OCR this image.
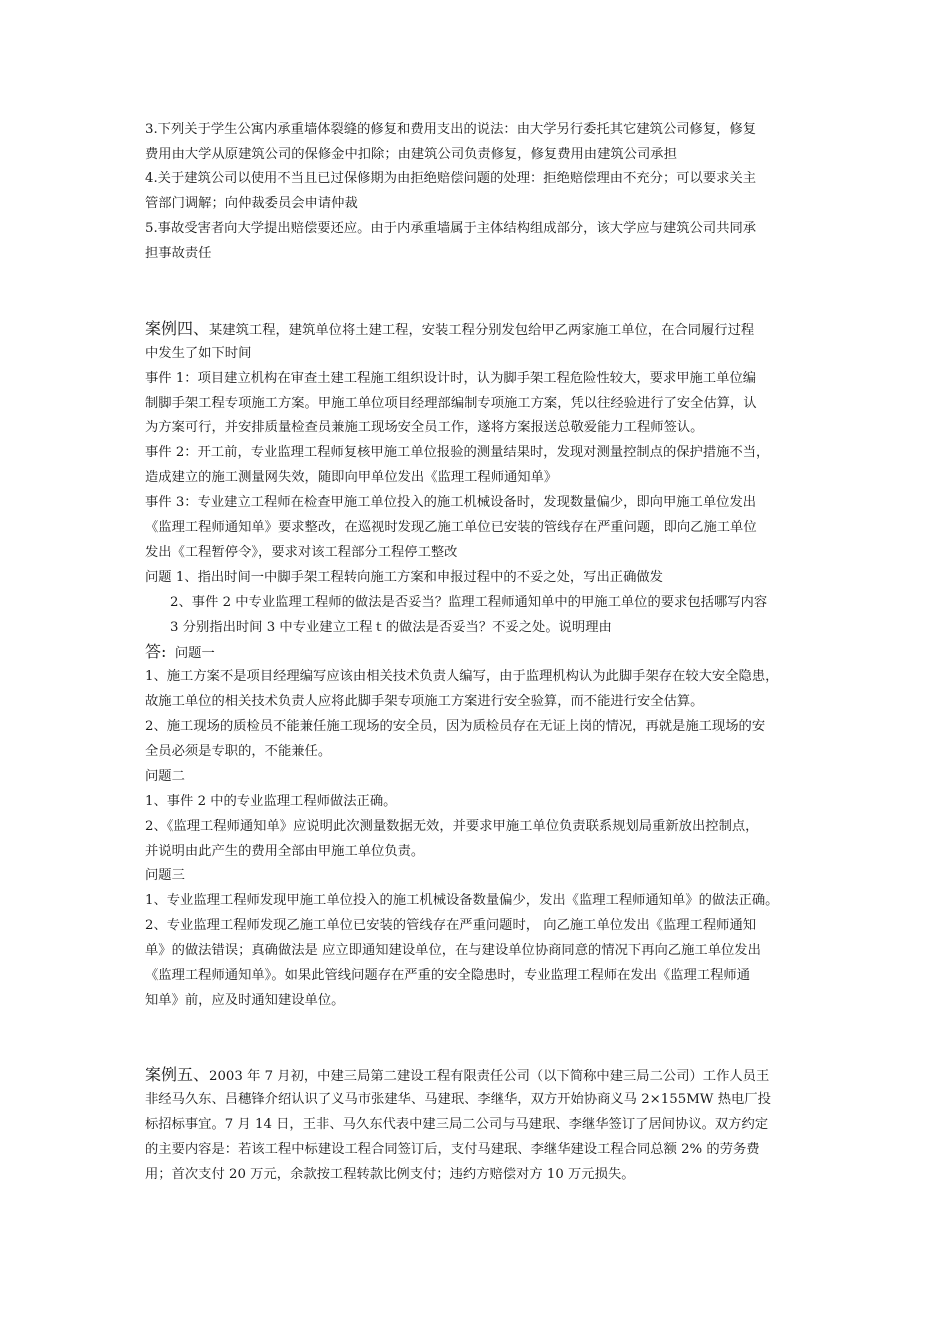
3.下列关于学生公寓内承重墙体裂缝的修复和费用支出的说法：由大学另行委托其它建筑公司修复，修复
费用由大学从原建筑公司的保修金中扣除；由建筑公司负责修复，修复费用由建筑公司承担
4.关于建筑公司以使用不当且已过保修期为由拒绝赔偿问题的处理：拒绝赔偿理由不充分；可以要求关主
管部门调解；向仲裁委员会申请仲裁
5.事故受害者向大学提出赔偿要还应。由于内承重墙属于主体结构组成部分，该大学应与建筑公司共同承
担事故责任
案例四、某建筑工程，建筑单位将土建工程，安装工程分别发包给甲乙两家施工单位，在合同履行过程
中发生了如下时间
事件 1：项目建立机构在审查土建工程施工组织设计时，认为脚手架工程危险性较大，要求甲施工单位编
制脚手架工程专项施工方案。甲施工单位项目经理部编制专项施工方案，凭以往经验进行了安全估算，认
为方案可行，并安排质量检查员兼施工现场安全员工作，遂将方案报送总敬爱能力工程师签认。
事件 2：开工前，专业监理工程师复核甲施工单位报验的测量结果时，发现对测量控制点的保护措施不当，
造成建立的施工测量网失效，随即向甲单位发出《监理工程师通知单》
事件 3：专业建立工程师在检查甲施工单位投入的施工机械设备时，发现数量偏少，即向甲施工单位发出
《监理工程师通知单》要求整改，在巡视时发现乙施工单位已安装的管线存在严重问题，即向乙施工单位
发出《工程暂停令》，要求对该工程部分工程停工整改
问题 1、指出时间一中脚手架工程转向施工方案和申报过程中的不妥之处，写出正确做发
2、事件 2 中专业监理工程师的做法是否妥当？监理工程师通知单中的甲施工单位的要求包括哪写内容
3 分别指出时间 3 中专业建立工程ｔ的做法是否妥当？不妥之处。说明理由
答: 问题一
1、施工方案不是项目经理编写应该由相关技术负责人编写，由于监理机构认为此脚手架存在较大安全隐患，
故施工单位的相关技术负责人应将此脚手架专项施工方案进行安全验算，而不能进行安全估算。
2、施工现场的质检员不能兼任施工现场的安全员，因为质检员存在无证上岗的情况，再就是施工现场的安
全员必须是专职的，不能兼任。
问题二
1、事件 2 中的专业监理工程师做法正确。
2、《监理工程师通知单》应说明此次测量数据无效，并要求甲施工单位负责联系规划局重新放出控制点，
并说明由此产生的费用全部由甲施工单位负责。
问题三
1、专业监理工程师发现甲施工单位投入的施工机械设备数量偏少，发出《监理工程师通知单》的做法正确。
2、专业监理工程师发现乙施工单位已安装的管线存在严重问题时， 向乙施工单位发出《监理工程师通知
单》的做法错误；真确做法是 应立即通知建设单位，在与建设单位协商同意的情况下再向乙施工单位发出
《监理工程师通知单》。如果此管线问题存在严重的安全隐患时，专业监理工程师在发出《监理工程师通
知单》前，应及时通知建设单位。
案例五、2003 年 7 月初，中建三局第二建设工程有限责任公司（以下简称中建三局二公司）工作人员王
非经马久东、吕穗锋介绍认识了义马市张建华、马建珉、李继华，双方开始协商义马 2×155MW 热电厂投
标招标事宜。7 月 14 日，王非、马久东代表中建三局二公司与马建珉、李继华签订了居间协议。双方约定
的主要内容是：若该工程中标建设工程合同签订后，支付马建珉、李继华建设工程合同总额 2% 的劳务费
用；首次支付 20 万元，余款按工程转款比例支付；违约方赔偿对方 10 万元损失。
